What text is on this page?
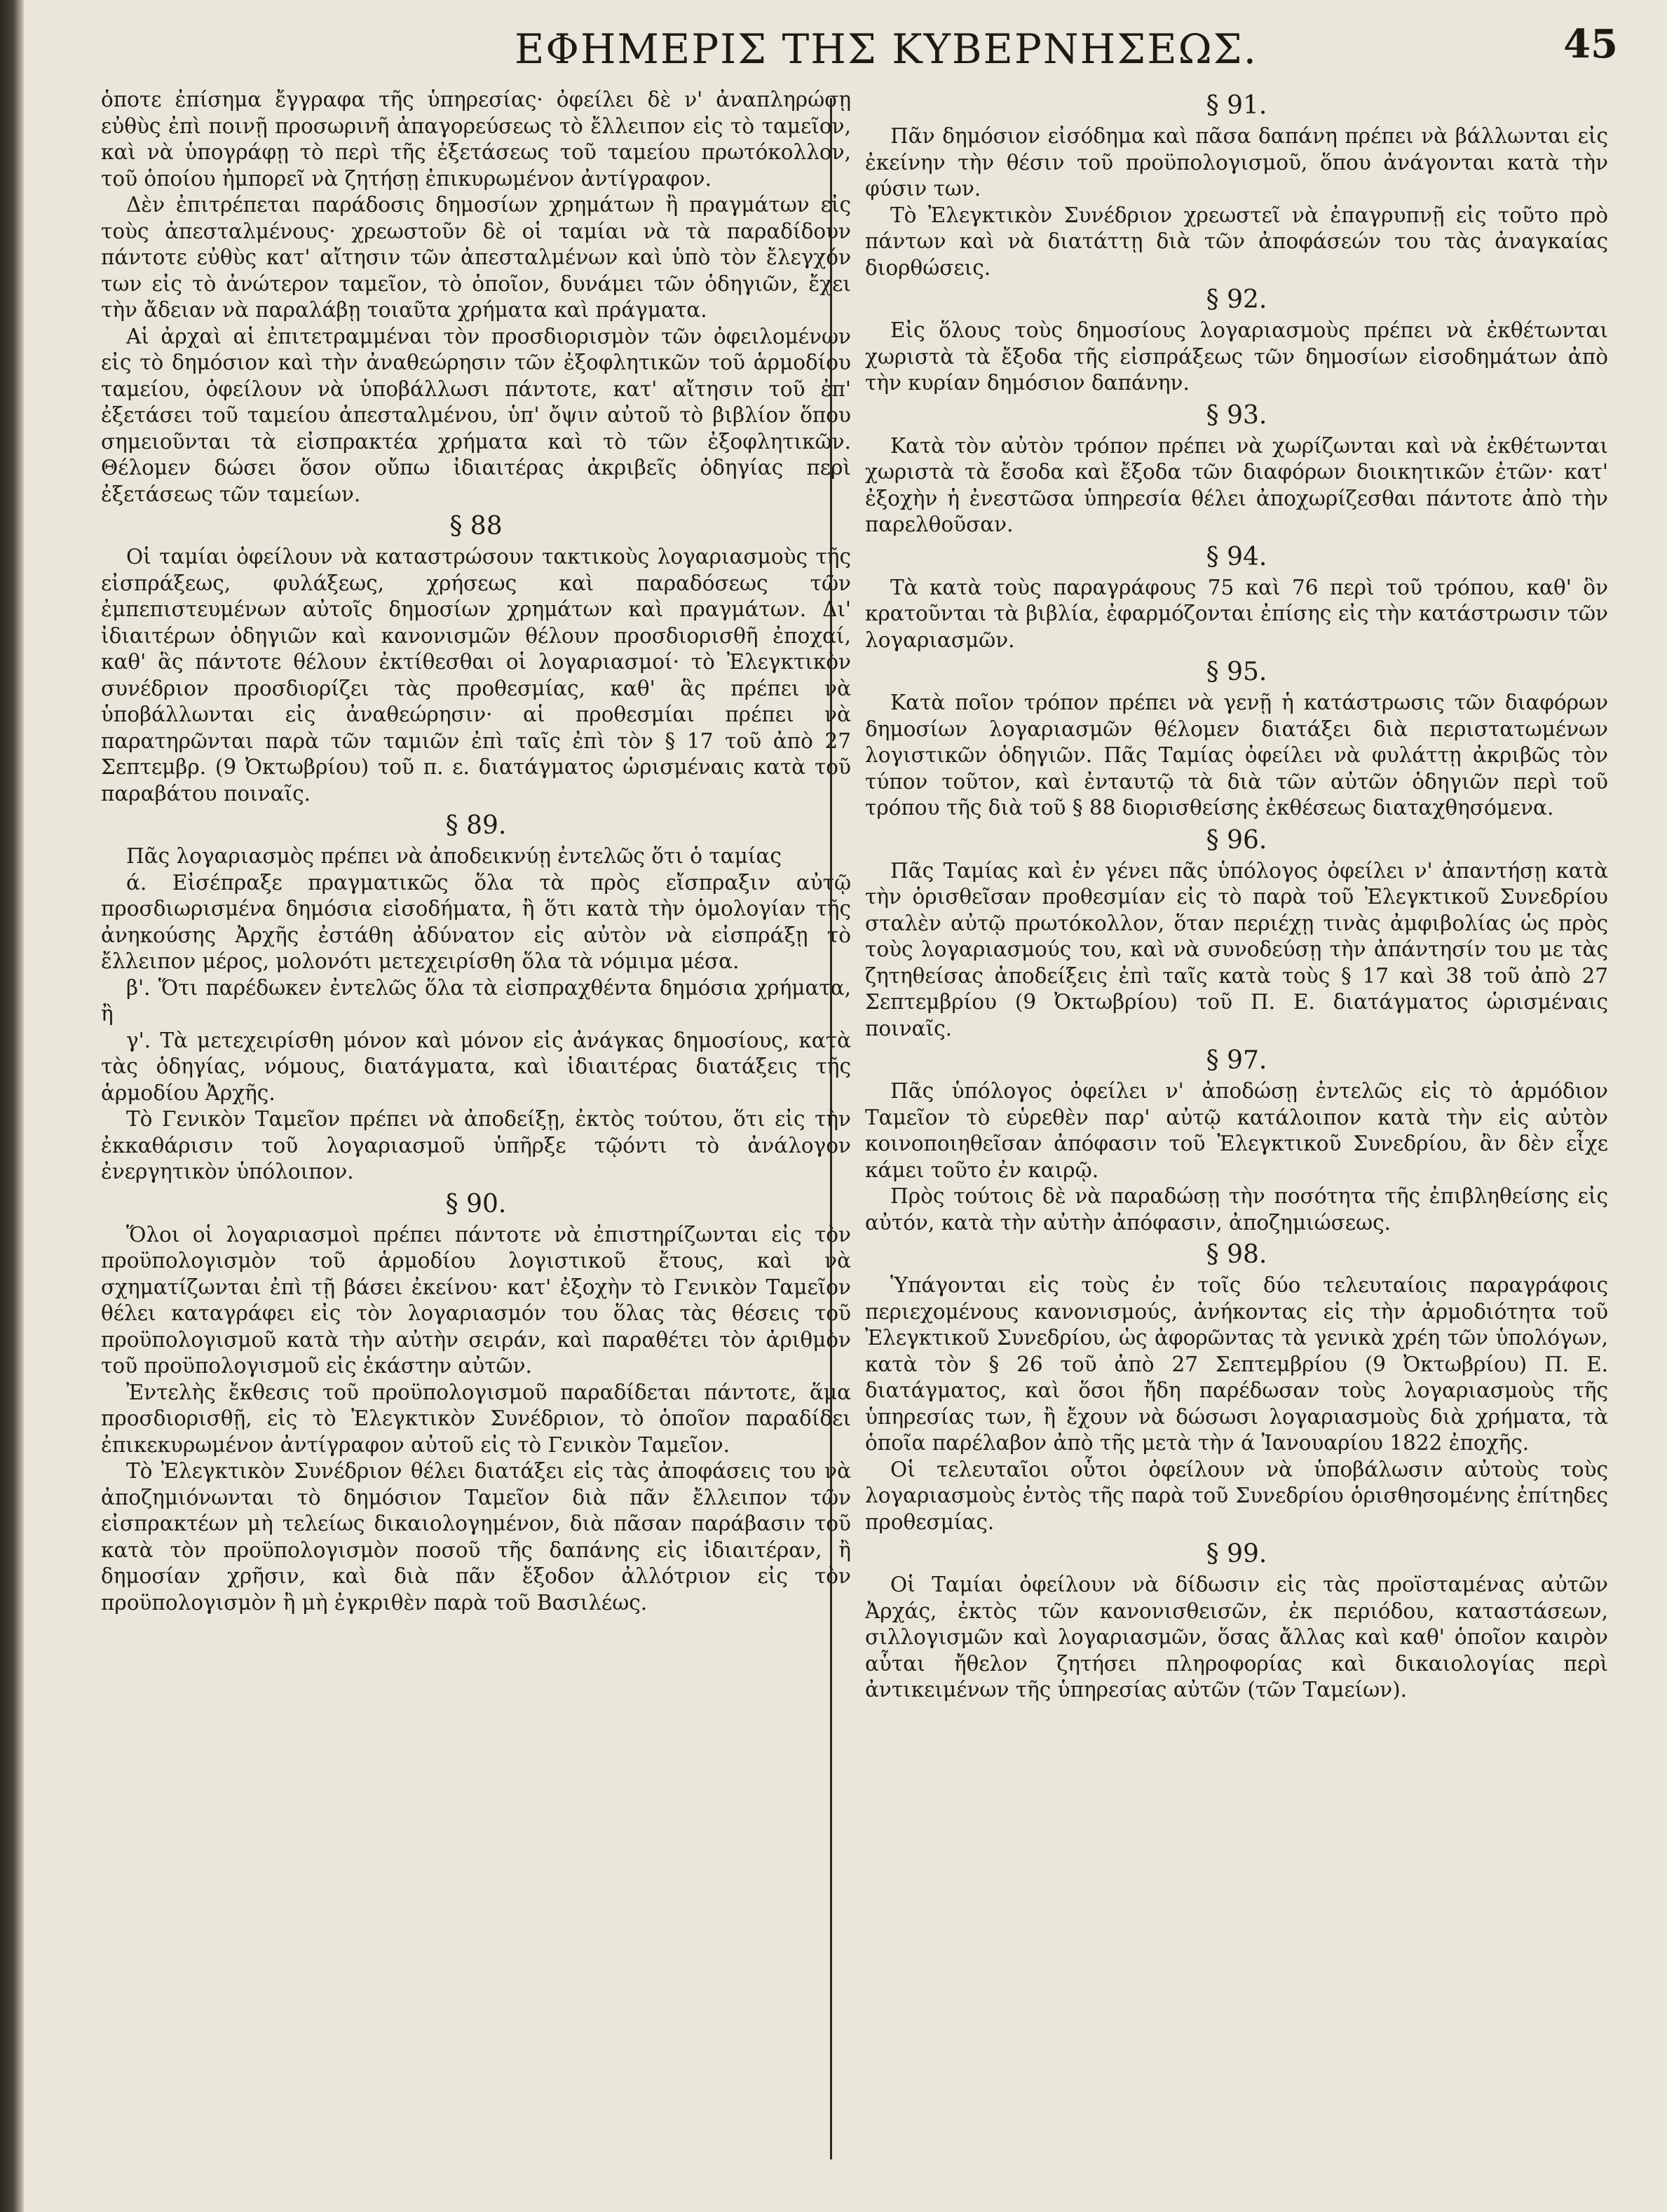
ΕΦΗΜΕΡΙΣ ΤΗΣ ΚΥΒΕΡΝΗΣΕΩΣ.	45
ὁποτε ἐπίσημα ἔγγραφα τῆς ὑπηρεσίας· ὀφείλει δὲ ν' ἀναπληρώσῃ εὐθὺς ἐπὶ ποινῇ προσωρινῆ ἀπαγορεύσεως τὸ ἔλλειπον εἰς τὸ ταμεῖον, καὶ νὰ ὑπογράφῃ τὸ περὶ τῆς ἐξετάσεως τοῦ ταμείου πρωτόκολλον, τοῦ ὁποίου ἠμπορεῖ νὰ ζητήσῃ ἐπικυρωμένον ἀντίγραφον.
Δὲν ἐπιτρέπεται παράδοσις δημοσίων χρημάτων ἢ πραγμάτων εἰς τοὺς ἀπεσταλμένους· χρεωστοῦν δὲ οἱ ταμίαι νὰ τὰ παραδίδουν πάντοτε εὐθὺς κατ' αἴτησιν τῶν ἀπεσταλμένων καὶ ὑπὸ τὸν ἔλεγχόν των εἰς τὸ ἀνώτερον ταμεῖον, τὸ ὁποῖον, δυνάμει τῶν ὁδηγιῶν, ἔχει τὴν ἄδειαν νὰ παραλάβῃ τοιαῦτα χρήματα καὶ πράγματα.
Αἱ ἀρχαὶ αἱ ἐπιτετραμμέναι τὸν προσδιορισμὸν τῶν ὀφειλομένων εἰς τὸ δημόσιον καὶ τὴν ἀναθεώρησιν τῶν ἐξοφλητικῶν τοῦ ἁρμοδίου ταμείου, ὀφείλουν νὰ ὑποβάλλωσι πάντοτε, κατ' αἴτησιν τοῦ ἐπ' ἐξετάσει τοῦ ταμείου ἀπεσταλμένου, ὑπ' ὄψιν αὐτοῦ τὸ βιβλίον ὅπου σημειοῦνται τὰ εἰσπρακτέα χρήματα καὶ τὸ τῶν ἐξοφλητικῶν. Θέλομεν δώσει ὅσον οὔπω ἰδιαιτέρας ἀκριβεῖς ὁδηγίας περὶ ἐξετάσεως τῶν ταμείων.
§ 88
Οἱ ταμίαι ὀφείλουν νὰ καταστρώσουν τακτικοὺς λογαριασμοὺς τῆς εἰσπράξεως, φυλάξεως, χρήσεως καὶ παραδόσεως τῶν ἐμπεπιστευμένων αὐτοῖς δημοσίων χρημάτων καὶ πραγμάτων. Δι' ἰδιαιτέρων ὁδηγιῶν καὶ κανονισμῶν θέλουν προσδιορισθῆ ἐποχαί, καθ' ἃς πάντοτε θέλουν ἐκτίθεσθαι οἱ λογαριασμοί· τὸ Ἐλεγκτικὸν συνέδριον προσδιορίζει τὰς προθεσμίας, καθ' ἃς πρέπει νὰ ὑποβάλλωνται εἰς ἀναθεώρησιν· αἱ προθεσμίαι πρέπει νὰ παρατηρῶνται παρὰ τῶν ταμιῶν ἐπὶ ταῖς ἐπὶ τὸν § 17 τοῦ ἀπὸ 27 Σεπτεμβρ. (9 Ὀκτωβρίου) τοῦ π. ε. διατάγματος ὡρισμέναις κατὰ τοῦ παραβάτου ποιναῖς.
§ 89.
Πᾶς λογαριασμὸς πρέπει νὰ ἀποδεικνύῃ ἐντελῶς ὅτι ὁ ταμίας
ά. Εἰσέπραξε πραγματικῶς ὅλα τὰ πρὸς εἴσπραξιν αὐτῷ προσδιωρισμένα δημόσια εἰσοδήματα, ἢ ὅτι κατὰ τὴν ὁμολογίαν τῆς ἀνηκούσης Ἀρχῆς ἐστάθη ἀδύνατον εἰς αὐτὸν νὰ εἰσπράξῃ τὸ ἔλλειπον μέρος, μολονότι μετεχειρίσθη ὅλα τὰ νόμιμα μέσα.
β'. Ὅτι παρέδωκεν ἐντελῶς ὅλα τὰ εἰσπραχθέντα δημόσια χρήματα, ἢ
γ'. Τὰ μετεχειρίσθη μόνον καὶ μόνον εἰς ἀνάγκας δημοσίους, κατὰ τὰς ὁδηγίας, νόμους, διατάγματα, καὶ ἰδιαιτέρας διατάξεις τῆς ἁρμοδίου Ἀρχῆς.
Τὸ Γενικὸν Ταμεῖον πρέπει νὰ ἀποδείξῃ, ἐκτὸς τούτου, ὅτι εἰς τὴν ἐκκαθάρισιν τοῦ λογαριασμοῦ ὑπῆρξε τῷόντι τὸ ἀνάλογον ἐνεργητικὸν ὑπόλοιπον.
§ 90.
Ὅλοι οἱ λογαριασμοὶ πρέπει πάντοτε νὰ ἐπιστηρίζωνται εἰς τὸν προϋπολογισμὸν τοῦ ἁρμοδίου λογιστικοῦ ἔτους, καὶ νὰ σχηματίζωνται ἐπὶ τῇ βάσει ἐκείνου· κατ' ἐξοχὴν τὸ Γενικὸν Ταμεῖον θέλει καταγράφει εἰς τὸν λογαριασμόν του ὅλας τὰς θέσεις τοῦ προϋπολογισμοῦ κατὰ τὴν αὐτὴν σειράν, καὶ παραθέτει τὸν ἀριθμὸν τοῦ προϋπολογισμοῦ εἰς ἑκάστην αὐτῶν.
Ἐντελὴς ἔκθεσις τοῦ προϋπολογισμοῦ παραδίδεται πάντοτε, ἅμα προσδιορισθῇ, εἰς τὸ Ἐλεγκτικὸν Συνέδριον, τὸ ὁποῖον παραδίδει ἐπικεκυρωμένον ἀντίγραφον αὐτοῦ εἰς τὸ Γενικὸν Ταμεῖον.
Τὸ Ἐλεγκτικὸν Συνέδριον θέλει διατάξει εἰς τὰς ἀποφάσεις του νὰ ἀποζημιόνωνται τὸ δημόσιον Ταμεῖον διὰ πᾶν ἔλλειπον τῶν εἰσπρακτέων μὴ τελείως δικαιολογημένον, διὰ πᾶσαν παράβασιν τοῦ κατὰ τὸν προϋπολογισμὸν ποσοῦ τῆς δαπάνης εἰς ἰδιαιτέραν, ἢ δημοσίαν χρῆσιν, καὶ διὰ πᾶν ἔξοδον ἀλλότριον εἰς τὸν προϋπολογισμὸν ἢ μὴ ἐγκριθὲν παρὰ τοῦ Βασιλέως.
§ 91.
Πᾶν δημόσιον εἰσόδημα καὶ πᾶσα δαπάνη πρέπει νὰ βάλλωνται εἰς ἐκείνην τὴν θέσιν τοῦ προϋπολογισμοῦ, ὅπου ἀνάγονται κατὰ τὴν φύσιν των.
Τὸ Ἐλεγκτικὸν Συνέδριον χρεωστεῖ νὰ ἐπαγρυπνῇ εἰς τοῦτο πρὸ πάντων καὶ νὰ διατάττῃ διὰ τῶν ἀποφάσεών του τὰς ἀναγκαίας διορθώσεις.
§ 92.
Εἰς ὅλους τοὺς δημοσίους λογαριασμοὺς πρέπει νὰ ἐκθέτωνται χωριστὰ τὰ ἔξοδα τῆς εἰσπράξεως τῶν δημοσίων εἰσοδημάτων ἀπὸ τὴν κυρίαν δημόσιον δαπάνην.
§ 93.
Κατὰ τὸν αὐτὸν τρόπον πρέπει νὰ χωρίζωνται καὶ νὰ ἐκθέτωνται χωριστὰ τὰ ἔσοδα καὶ ἔξοδα τῶν διαφόρων διοικητικῶν ἐτῶν· κατ' ἐξοχὴν ἡ ἐνεστῶσα ὑπηρεσία θέλει ἀποχωρίζεσθαι πάντοτε ἀπὸ τὴν παρελθοῦσαν.
§ 94.
Τὰ κατὰ τοὺς παραγράφους 75 καὶ 76 περὶ τοῦ τρόπου, καθ' ὃν κρατοῦνται τὰ βιβλία, ἐφαρμόζονται ἐπίσης εἰς τὴν κατάστρωσιν τῶν λογαριασμῶν.
§ 95.
Κατὰ ποῖον τρόπον πρέπει νὰ γενῇ ἡ κατάστρωσις τῶν διαφόρων δημοσίων λογαριασμῶν θέλομεν διατάξει διὰ περιστατωμένων λογιστικῶν ὁδηγιῶν. Πᾶς Ταμίας ὀφείλει νὰ φυλάττῃ ἀκριβῶς τὸν τύπον τοῦτον, καὶ ἐνταυτῷ τὰ διὰ τῶν αὐτῶν ὁδηγιῶν περὶ τοῦ τρόπου τῆς διὰ τοῦ § 88 διορισθείσης ἐκθέσεως διαταχθησόμενα.
§ 96.
Πᾶς Ταμίας καὶ ἐν γένει πᾶς ὑπόλογος ὀφείλει ν' ἀπαντήσῃ κατὰ τὴν ὁρισθεῖσαν προθεσμίαν εἰς τὸ παρὰ τοῦ Ἐλεγκτικοῦ Συνεδρίου σταλὲν αὐτῷ πρωτόκολλον, ὅταν περιέχῃ τινὰς ἀμφιβολίας ὡς πρὸς τοὺς λογαριασμούς του, καὶ νὰ συνοδεύσῃ τὴν ἀπάντησίν του με τὰς ζητηθείσας ἀποδείξεις ἐπὶ ταῖς κατὰ τοὺς § 17 καὶ 38 τοῦ ἀπὸ 27 Σεπτεμβρίου (9 Ὀκτωβρίου) τοῦ Π. Ε. διατάγματος ὡρισμέναις ποιναῖς.
§ 97.
Πᾶς ὑπόλογος ὀφείλει ν' ἀποδώσῃ ἐντελῶς εἰς τὸ ἁρμόδιον Ταμεῖον τὸ εὑρεθὲν παρ' αὐτῷ κατάλοιπον κατὰ τὴν εἰς αὐτὸν κοινοποιηθεῖσαν ἀπόφασιν τοῦ Ἐλεγκτικοῦ Συνεδρίου, ἂν δὲν εἶχε κάμει τοῦτο ἐν καιρῷ.
Πρὸς τούτοις δὲ νὰ παραδώσῃ τὴν ποσότητα τῆς ἐπιβληθείσης εἰς αὐτόν, κατὰ τὴν αὐτὴν ἀπόφασιν, ἀποζημιώσεως.
§ 98.
Ὑπάγονται εἰς τοὺς ἐν τοῖς δύο τελευταίοις παραγράφοις περιεχομένους κανονισμούς, ἀνήκοντας εἰς τὴν ἁρμοδιότητα τοῦ Ἐλεγκτικοῦ Συνεδρίου, ὡς ἀφορῶντας τὰ γενικὰ χρέη τῶν ὑπολόγων, κατὰ τὸν § 26 τοῦ ἀπὸ 27 Σεπτεμβρίου (9 Ὀκτωβρίου) Π. Ε. διατάγματος, καὶ ὅσοι ἤδη παρέδωσαν τοὺς λογαριασμοὺς τῆς ὑπηρεσίας των, ἢ ἔχουν νὰ δώσωσι λογαριασμοὺς διὰ χρήματα, τὰ ὁποῖα παρέλαβον ἀπὸ τῆς μετὰ τὴν ά Ἰανουαρίου 1822 ἐποχῆς.
Οἱ τελευταῖοι οὗτοι ὀφείλουν νὰ ὑποβάλωσιν αὐτοὺς τοὺς λογαριασμοὺς ἐντὸς τῆς παρὰ τοῦ Συνεδρίου ὁρισθησομένης ἐπίτηδες προθεσμίας.
§ 99.
Οἱ Ταμίαι ὀφείλουν νὰ δίδωσιν εἰς τὰς προϊσταμένας αὐτῶν Ἀρχάς, ἐκτὸς τῶν κανονισθεισῶν, ἐκ περιόδου, καταστάσεων, σιλλογισμῶν καὶ λογαριασμῶν, ὅσας ἄλλας καὶ καθ' ὁποῖον καιρὸν αὗται ἤθελον ζητήσει πληροφορίας καὶ δικαιολογίας περὶ ἀντικειμένων τῆς ὑπηρεσίας αὐτῶν (τῶν Ταμείων).
